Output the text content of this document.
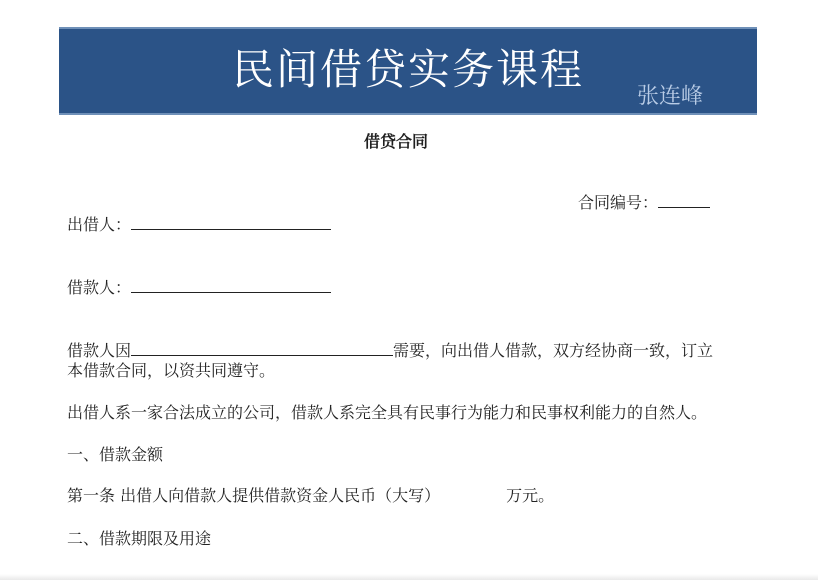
民间借贷实务课程
张连峰
借贷合同
合同编号：
出借人：
借款人：
借款人因	需要，向出借人借款，双方经协商一致，订立
本借款合同，以资共同遵守。
出借人系一家合法成立的公司，借款人系完全具有民事行为能力和民事权利能力的自然人。
一、借款金额
第一条 出借人向借款人提供借款资金人民币（大写）	万元。
二、借款期限及用途
